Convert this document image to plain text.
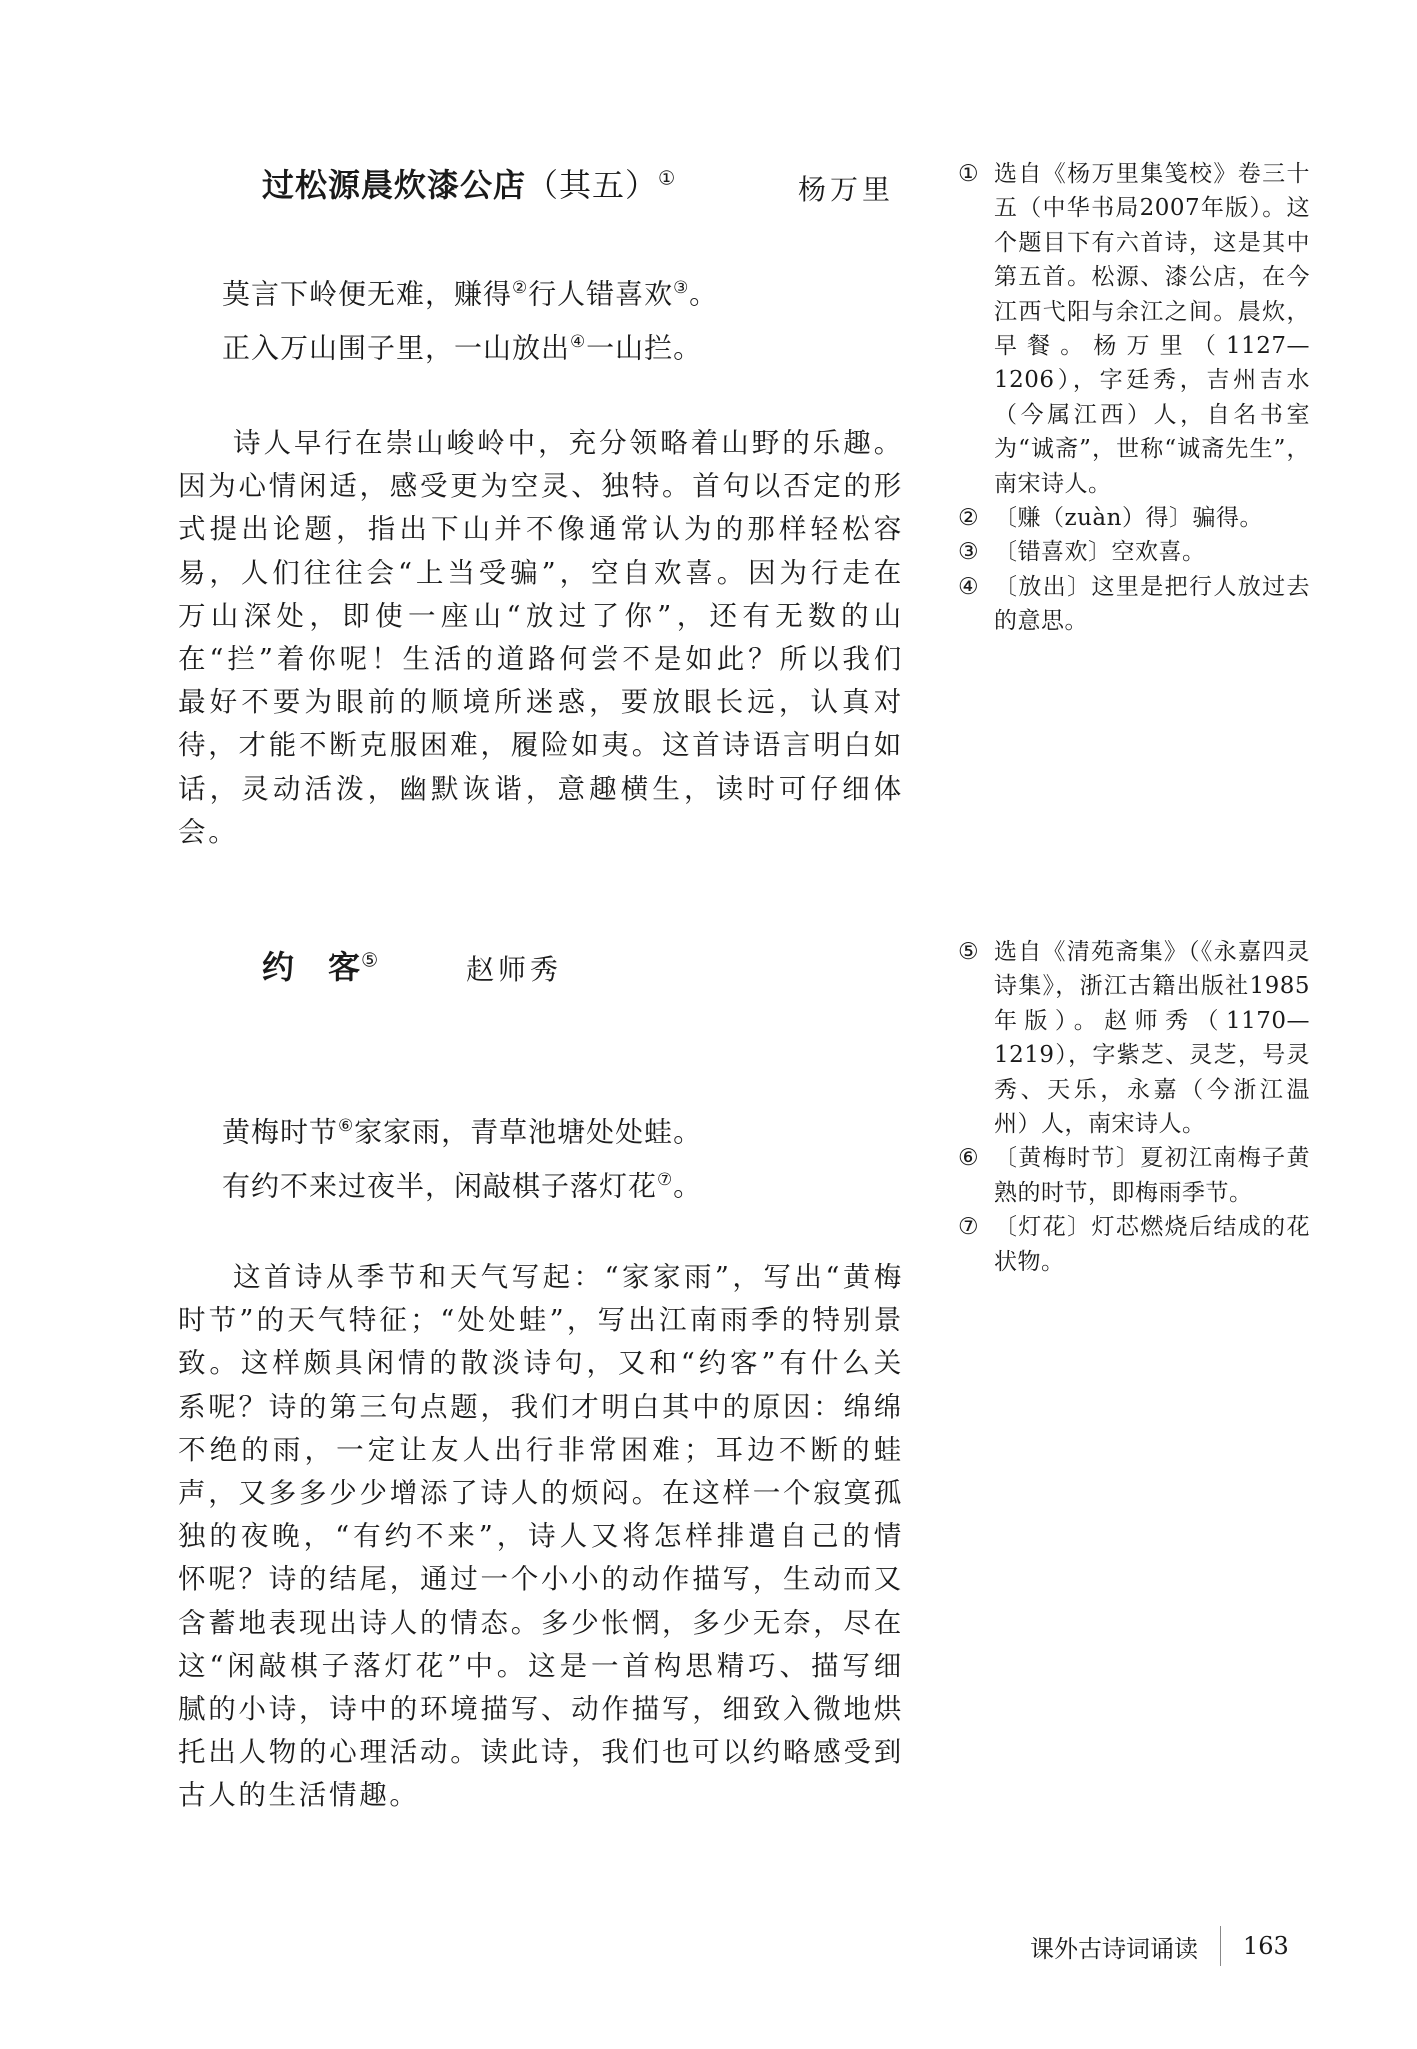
过松源晨炊漆公店（其五）①	杨万里
莫言下岭便无难，赚得②行人错喜欢③。
正入万山围子里，一山放出④一山拦。

诗人早行在崇山峻岭中，充分领略着山野的乐趣。因为心情闲适，感受更为空灵、独特。首句以否定的形式提出论题，指出下山并不像通常认为的那样轻松容易，人们往往会“上当受骗”，空自欢喜。因为行走在万山深处，即使一座山“放过了你”，还有无数的山在“拦”着你呢！生活的道路何尝不是如此？所以我们最好不要为眼前的顺境所迷惑，要放眼长远，认真对待，才能不断克服困难，履险如夷。这首诗语言明白如话，灵动活泼，幽默诙谐，意趣横生，读时可仔细体会。

① 选自《杨万里集笺校》卷三十五（中华书局2007年版）。这个题目下有六首诗，这是其中第五首。松源、漆公店，在今江西弋阳与余江之间。晨炊，早餐。杨万里（1127—1206），字廷秀，吉州吉水（今属江西）人，自名书室为“诚斋”，世称“诚斋先生”，南宋诗人。
② 〔赚（zuàn）得〕骗得。
③ 〔错喜欢〕空欢喜。
④ 〔放出〕这里是把行人放过去的意思。
约　客⑤	赵师秀
黄梅时节⑥家家雨，青草池塘处处蛙。
有约不来过夜半，闲敲棋子落灯花⑦。

这首诗从季节和天气写起：“家家雨”，写出“黄梅时节”的天气特征；“处处蛙”，写出江南雨季的特别景致。这样颇具闲情的散淡诗句，又和“约客”有什么关系呢？诗的第三句点题，我们才明白其中的原因：绵绵不绝的雨，一定让友人出行非常困难；耳边不断的蛙声，又多多少少增添了诗人的烦闷。在这样一个寂寞孤独的夜晚，“有约不来”，诗人又将怎样排遣自己的情怀呢？诗的结尾，通过一个小小的动作描写，生动而又含蓄地表现出诗人的情态。多少怅惘，多少无奈，尽在这“闲敲棋子落灯花”中。这是一首构思精巧、描写细腻的小诗，诗中的环境描写、动作描写，细致入微地烘托出人物的心理活动。读此诗，我们也可以约略感受到古人的生活情趣。

⑤ 选自《清苑斋集》（《永嘉四灵诗集》，浙江古籍出版社1985年版）。赵师秀（1170—1219），字紫芝、灵芝，号灵秀、天乐，永嘉（今浙江温州）人，南宋诗人。
⑥ 〔黄梅时节〕夏初江南梅子黄熟的时节，即梅雨季节。
⑦ 〔灯花〕灯芯燃烧后结成的花状物。
课外古诗词诵读 163
